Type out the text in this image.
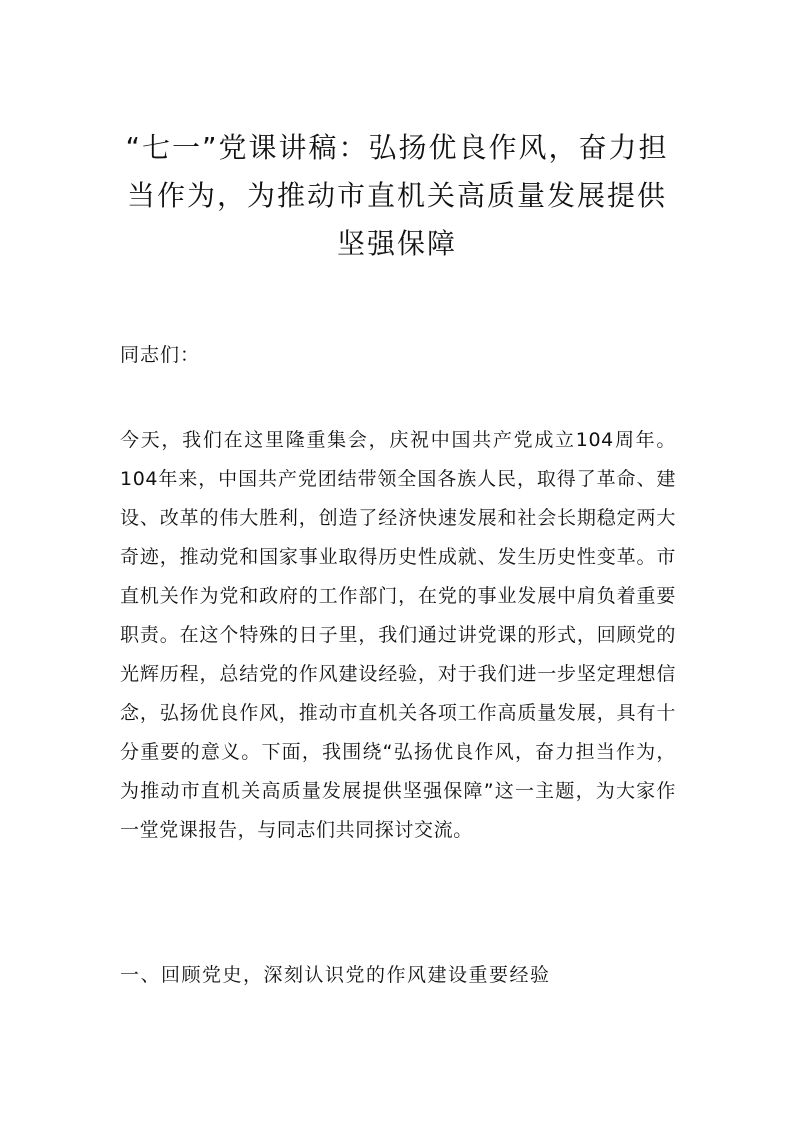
“七一”党课讲稿：弘扬优良作风，奋力担当作为，为推动市直机关高质量发展提供坚强保障

同志们：

今天，我们在这里隆重集会，庆祝中国共产党成立104周年。104年来，中国共产党团结带领全国各族人民，取得了革命、建设、改革的伟大胜利，创造了经济快速发展和社会长期稳定两大奇迹，推动党和国家事业取得历史性成就、发生历史性变革。市直机关作为党和政府的工作部门，在党的事业发展中肩负着重要职责。在这个特殊的日子里，我们通过讲党课的形式，回顾党的光辉历程，总结党的作风建设经验，对于我们进一步坚定理想信念，弘扬优良作风，推动市直机关各项工作高质量发展，具有十分重要的意义。下面，我围绕“弘扬优良作风，奋力担当作为，为推动市直机关高质量发展提供坚强保障”这一主题，为大家作一堂党课报告，与同志们共同探讨交流。

一、回顾党史，深刻认识党的作风建设重要经验
